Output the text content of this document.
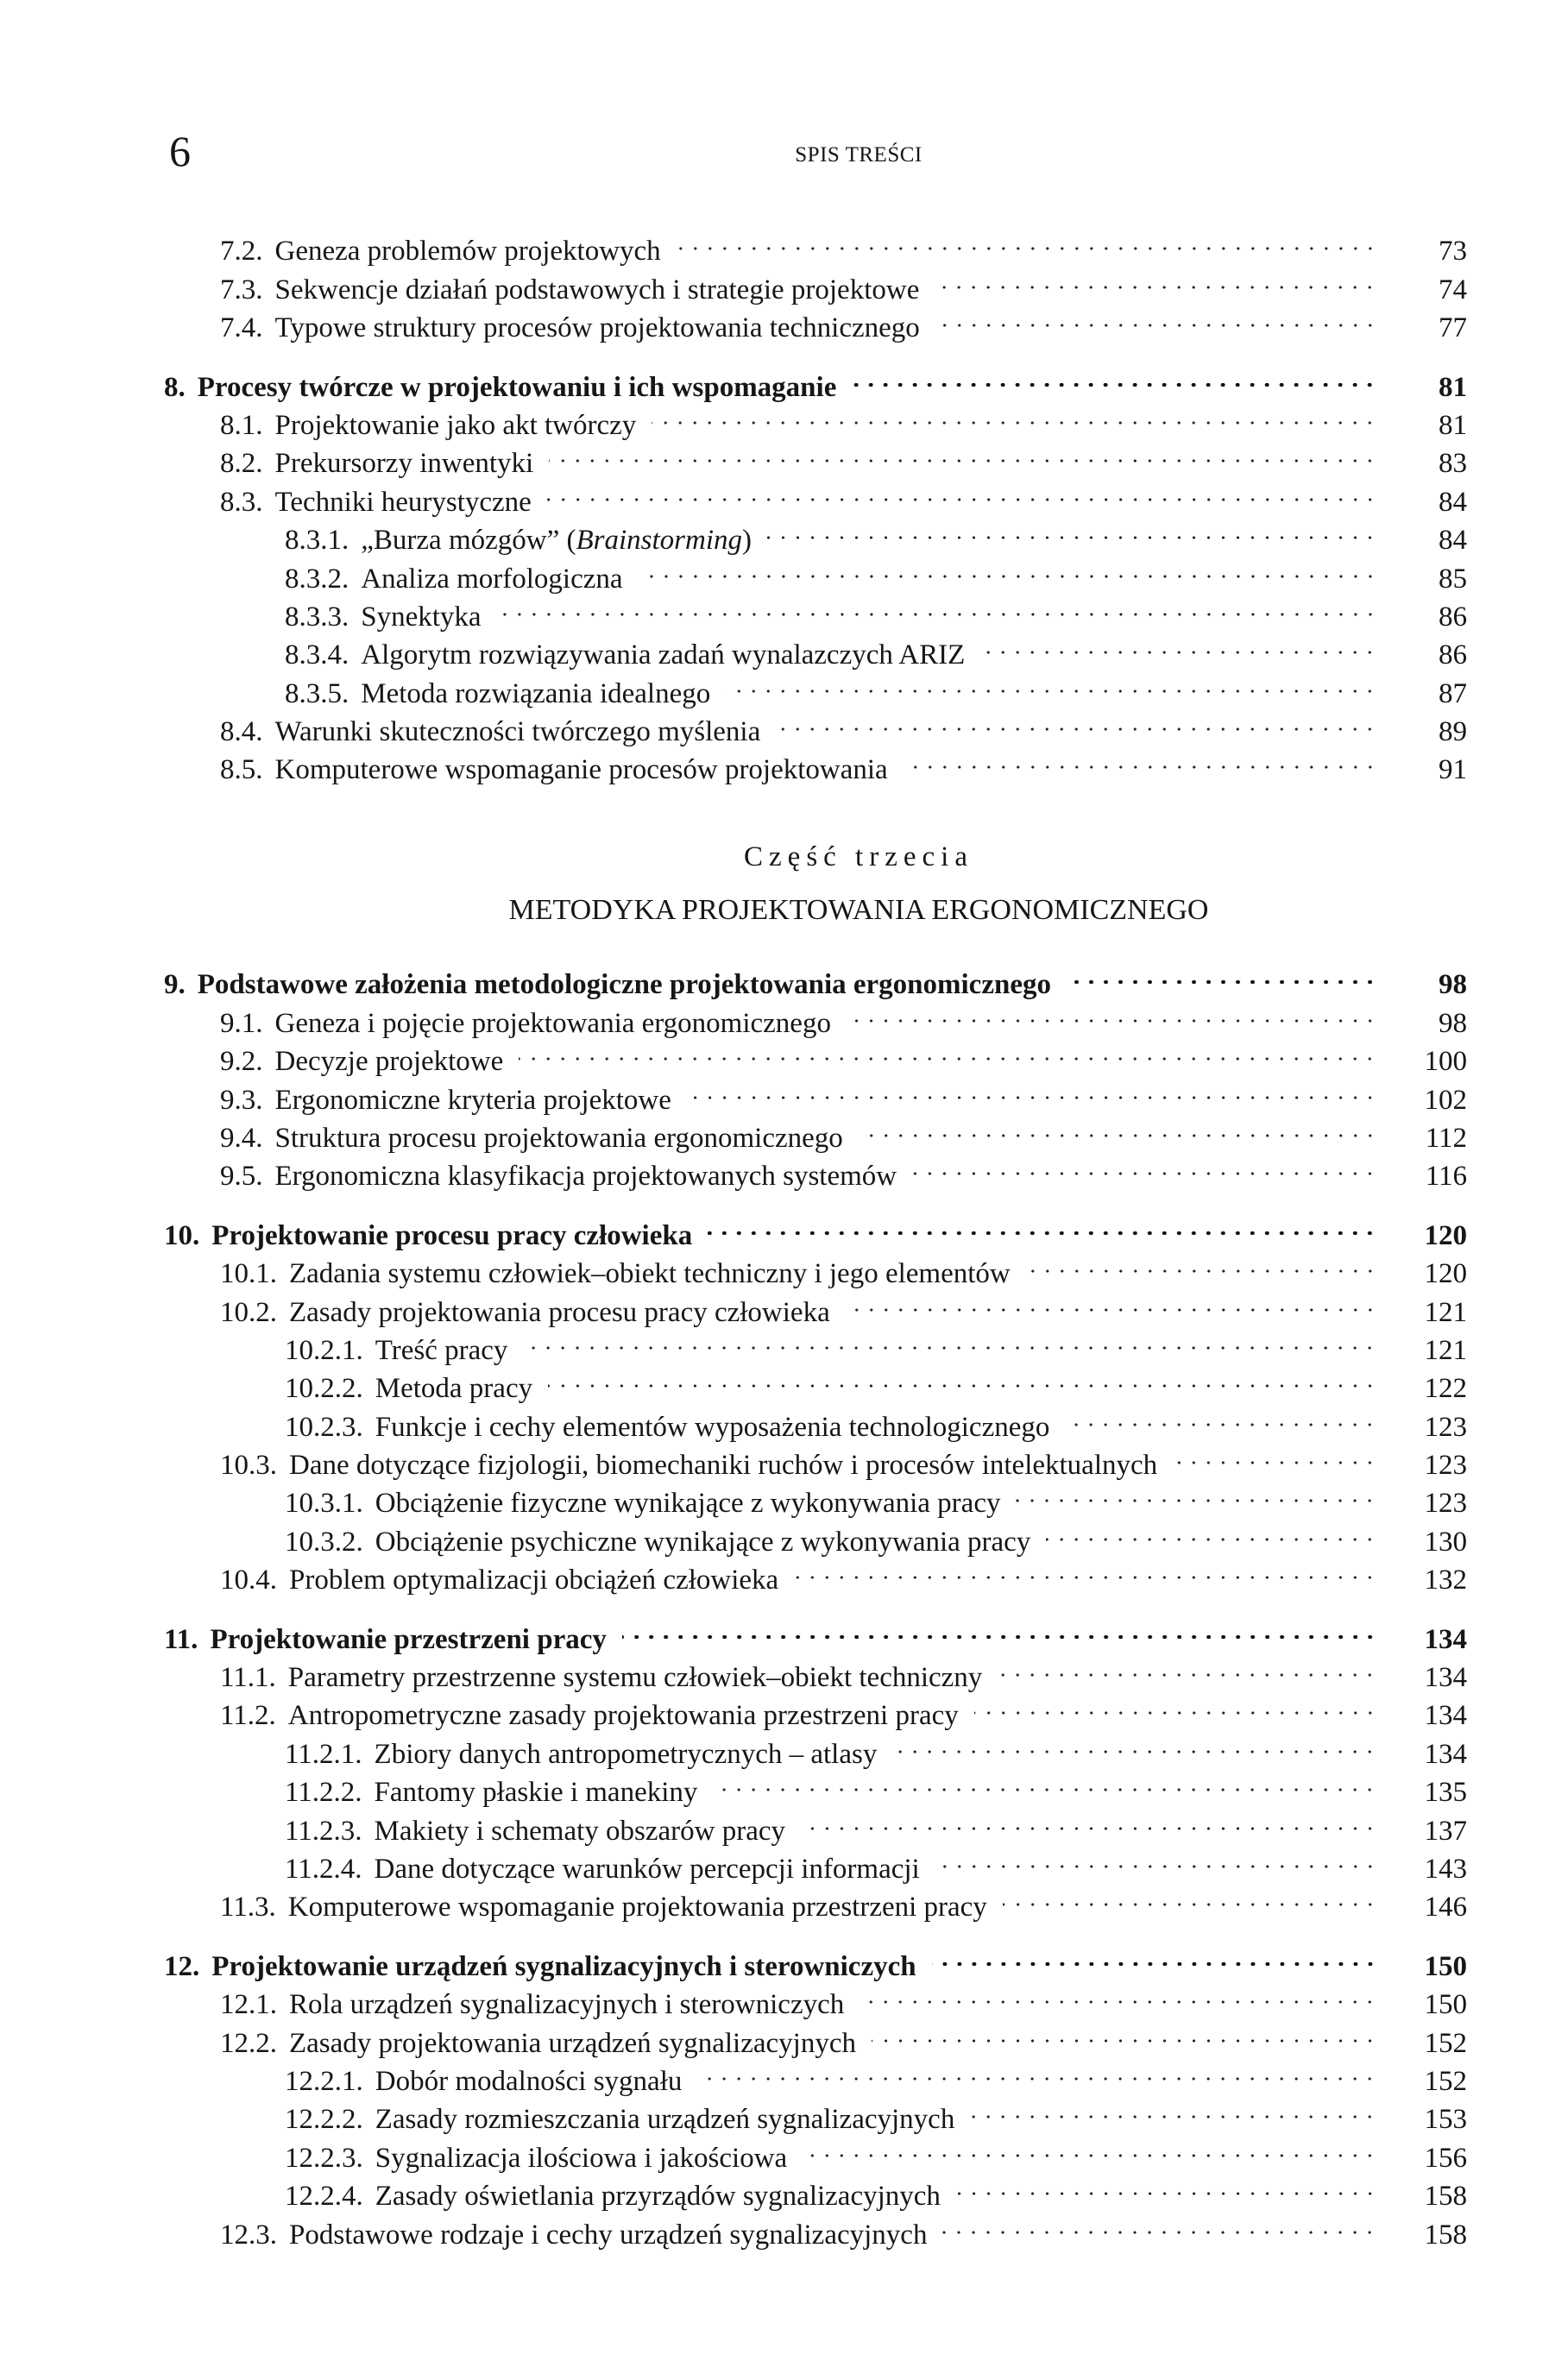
6	SPIS TREŚCI
7.2. Geneza problemów projektowych	73
7.3. Sekwencje działań podstawowych i strategie projektowe	74
7.4. Typowe struktury procesów projektowania technicznego	77
8. Procesy twórcze w projektowaniu i ich wspomaganie	81
8.1. Projektowanie jako akt twórczy	81
8.2. Prekursorzy inwentyki	83
8.3. Techniki heurystyczne	84
8.3.1. „Burza mózgów” (Brainstorming)	84
8.3.2. Analiza morfologiczna	85
8.3.3. Synektyka	86
8.3.4. Algorytm rozwiązywania zadań wynalazczych ARIZ	86
8.3.5. Metoda rozwiązania idealnego	87
8.4. Warunki skuteczności twórczego myślenia	89
8.5. Komputerowe wspomaganie procesów projektowania	91
Część trzecia
METODYKA PROJEKTOWANIA ERGONOMICZNEGO
9. Podstawowe założenia metodologiczne projektowania ergonomicznego	98
9.1. Geneza i pojęcie projektowania ergonomicznego	98
9.2. Decyzje projektowe	100
9.3. Ergonomiczne kryteria projektowe	102
9.4. Struktura procesu projektowania ergonomicznego	112
9.5. Ergonomiczna klasyfikacja projektowanych systemów	116
10. Projektowanie procesu pracy człowieka	120
10.1. Zadania systemu człowiek–obiekt techniczny i jego elementów	120
10.2. Zasady projektowania procesu pracy człowieka	121
10.2.1. Treść pracy	121
10.2.2. Metoda pracy	122
10.2.3. Funkcje i cechy elementów wyposażenia technologicznego	123
10.3. Dane dotyczące fizjologii, biomechaniki ruchów i procesów intelektualnych	123
10.3.1. Obciążenie fizyczne wynikające z wykonywania pracy	123
10.3.2. Obciążenie psychiczne wynikające z wykonywania pracy	130
10.4. Problem optymalizacji obciążeń człowieka	132
11. Projektowanie przestrzeni pracy	134
11.1. Parametry przestrzenne systemu człowiek–obiekt techniczny	134
11.2. Antropometryczne zasady projektowania przestrzeni pracy	134
11.2.1. Zbiory danych antropometrycznych – atlasy	134
11.2.2. Fantomy płaskie i manekiny	135
11.2.3. Makiety i schematy obszarów pracy	137
11.2.4. Dane dotyczące warunków percepcji informacji	143
11.3. Komputerowe wspomaganie projektowania przestrzeni pracy	146
12. Projektowanie urządzeń sygnalizacyjnych i sterowniczych	150
12.1. Rola urządzeń sygnalizacyjnych i sterowniczych	150
12.2. Zasady projektowania urządzeń sygnalizacyjnych	152
12.2.1. Dobór modalności sygnału	152
12.2.2. Zasady rozmieszczania urządzeń sygnalizacyjnych	153
12.2.3. Sygnalizacja ilościowa i jakościowa	156
12.2.4. Zasady oświetlania przyrządów sygnalizacyjnych	158
12.3. Podstawowe rodzaje i cechy urządzeń sygnalizacyjnych	158
